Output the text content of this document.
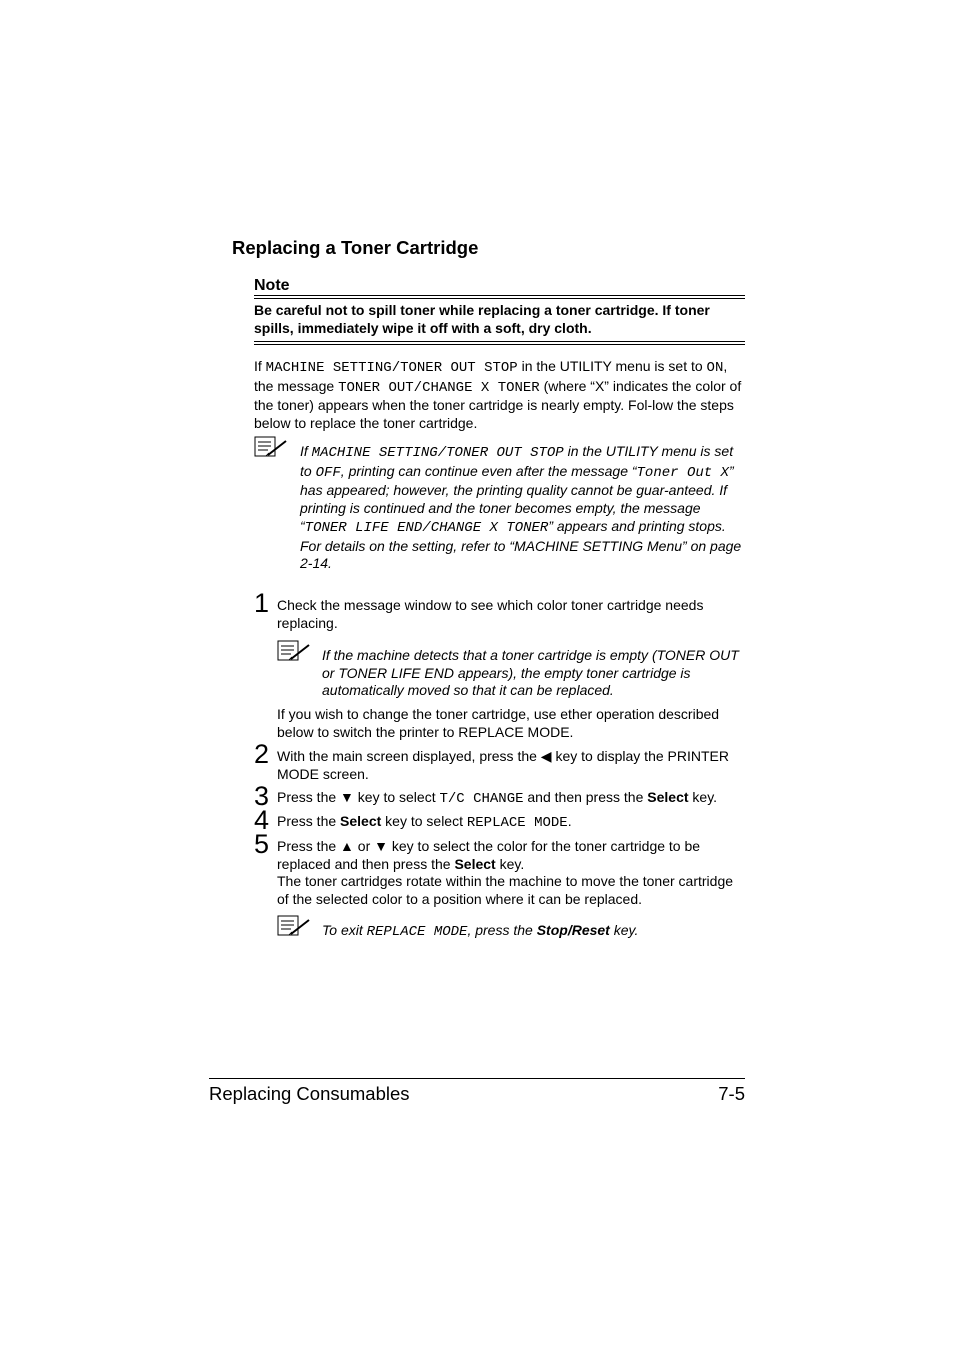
Replacing a Toner Cartridge
Note
Be careful not to spill toner while replacing a toner cartridge. If toner spills, immediately wipe it off with a soft, dry cloth.
If MACHINE SETTING/TONER OUT STOP in the UTILITY menu is set to ON, the message TONER OUT/CHANGE X TONER (where “X” indicates the color of the toner) appears when the toner cartridge is nearly empty. Fol-low the steps below to replace the toner cartridge.
If MACHINE SETTING/TONER OUT STOP in the UTILITY menu is set to OFF, printing can continue even after the message “Toner Out X” has appeared; however, the printing quality cannot be guar-anteed. If printing is continued and the toner becomes empty, the message “TONER LIFE END/CHANGE X TONER” appears and printing stops. For details on the setting, refer to “MACHINE SETTING Menu” on page 2-14.
1 Check the message window to see which color toner cartridge needs replacing.
If the machine detects that a toner cartridge is empty (TONER OUT or TONER LIFE END appears), the empty toner cartridge is automatically moved so that it can be replaced.
If you wish to change the toner cartridge, use ether operation described below to switch the printer to REPLACE MODE.
2 With the main screen displayed, press the ◀ key to display the PRINTER MODE screen.
3 Press the ▼ key to select T/C CHANGE and then press the Select key.
4 Press the Select key to select REPLACE MODE.
5 Press the ▲ or ▼ key to select the color for the toner cartridge to be replaced and then press the Select key.
The toner cartridges rotate within the machine to move the toner cartridge of the selected color to a position where it can be replaced.
To exit REPLACE MODE, press the Stop/Reset key.
Replacing Consumables	7-5
